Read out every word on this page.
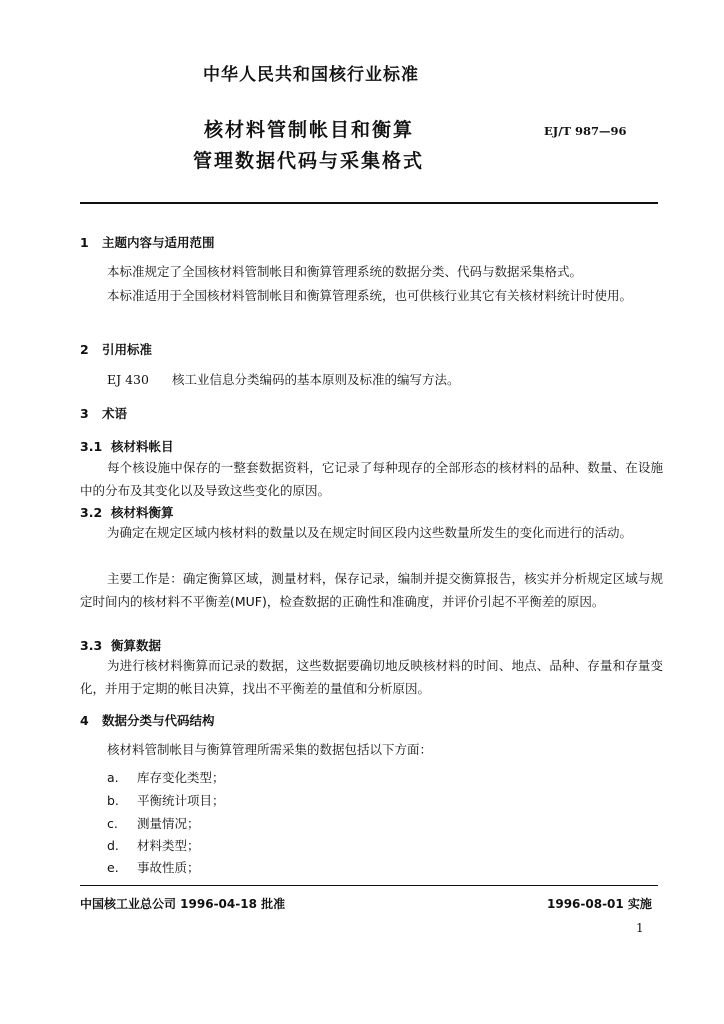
中华人民共和国核行业标准
核材料管制帐目和衡算
管理数据代码与采集格式
EJ/T 987—96
1 主题内容与适用范围
本标准规定了全国核材料管制帐目和衡算管理系统的数据分类、代码与数据采集格式。
本标准适用于全国核材料管制帐目和衡算管理系统，也可供核行业其它有关核材料统计时使用。
2 引用标准
EJ 430 核工业信息分类编码的基本原则及标准的编写方法。
3 术语
3.1 核材料帐目
每个核设施中保存的一整套数据资料，它记录了每种现存的全部形态的核材料的品种、数量、在设施中的分布及其变化以及导致这些变化的原因。
3.2 核材料衡算
为确定在规定区域内核材料的数量以及在规定时间区段内这些数量所发生的变化而进行的活动。
主要工作是：确定衡算区域，测量材料，保存记录，编制并提交衡算报告，核实并分析规定区域与规定时间内的核材料不平衡差(MUF)，检查数据的正确性和准确度，并评价引起不平衡差的原因。
3.3 衡算数据
为进行核材料衡算而记录的数据，这些数据要确切地反映核材料的时间、地点、品种、存量和存量变化，并用于定期的帐目决算，找出不平衡差的量值和分析原因。
4 数据分类与代码结构
核材料管制帐目与衡算管理所需采集的数据包括以下方面：
a. 库存变化类型；
b. 平衡统计项目；
c. 测量情况；
d. 材料类型；
e. 事故性质；
中国核工业总公司 1996-04-18 批准	1996-08-01 实施
1
